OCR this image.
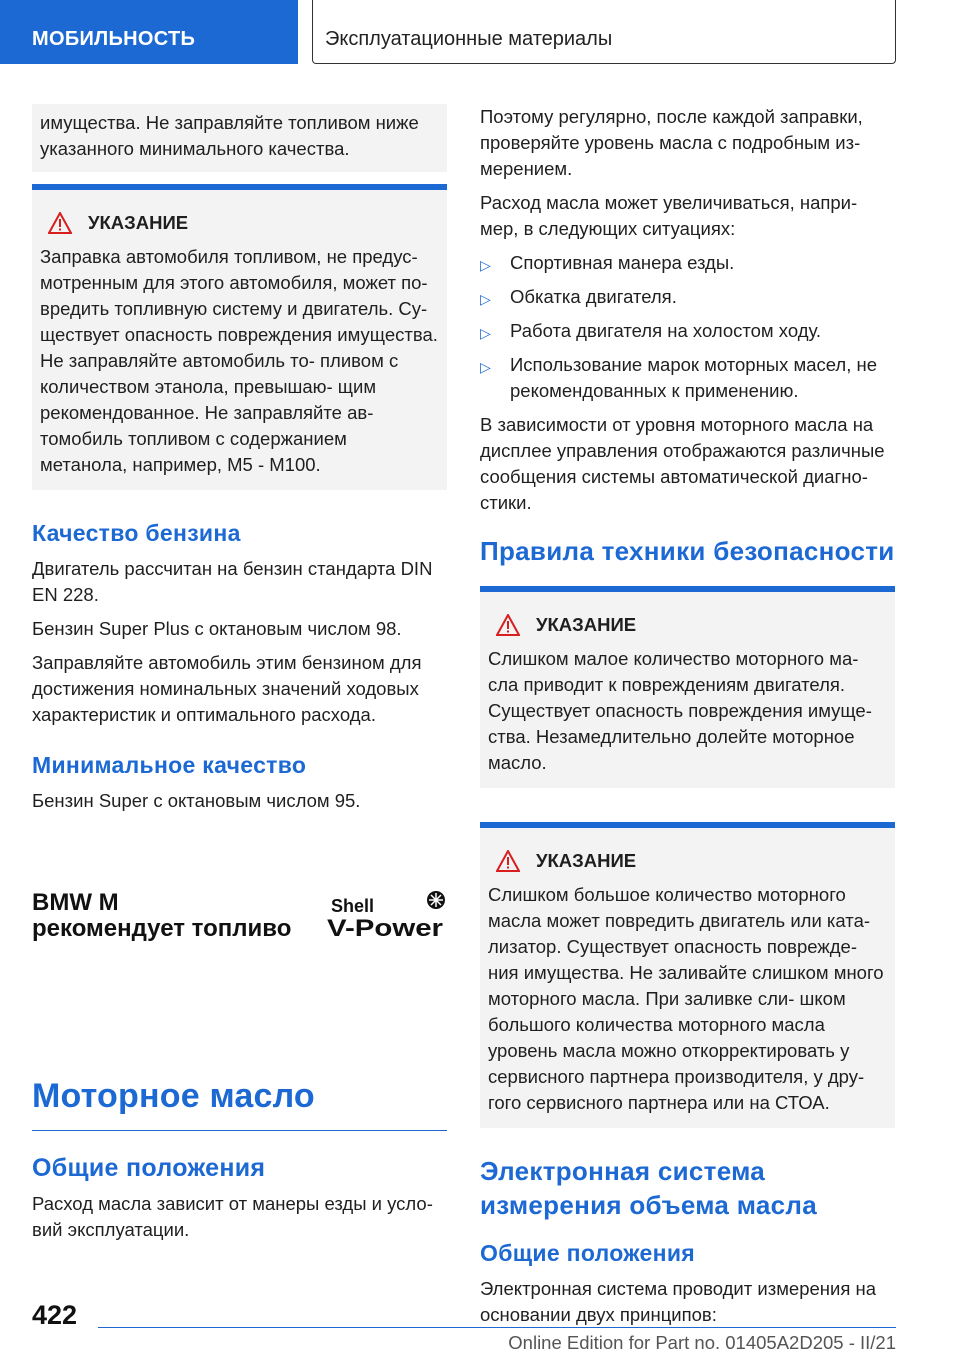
МОБИЛЬНОСТЬ	Эксплуатационные материалы

имущества. Не заправляйте топливом ниже указанного минимального качества.

УКАЗАНИЕ

Заправка автомобиля топливом, не предус- мотренным для этого автомобиля, может по- вредить топливную систему и двигатель. Су- ществует опасность повреждения имущества. Не заправляйте автомобиль то- пливом с количеством этанола, превышаю- щим рекомендованное. Не заправляйте ав- томобиль топливом с содержанием метанола, например, M5 - M100.

Качество бензина

Двигатель рассчитан на бензин стандарта DIN EN 228.

Бензин Super Plus с октановым числом 98.

Заправляйте автомобиль этим бензином для достижения номинальных значений ходовых характеристик и оптимального расхода.

Минимальное качество

Бензин Super с октановым числом 95.

BMW M
рекомендует топливо
Shell
V-Power
Моторное масло
Общие положения

Расход масла зависит от манеры езды и усло- вий эксплуатации.

Поэтому регулярно, после каждой заправки, проверяйте уровень масла с подробным из- мерением.

Расход масла может увеличиваться, напри- мер, в следующих ситуациях:

▷ Спортивная манера езды.
▷ Обкатка двигателя.
▷ Работа двигателя на холостом ходу.
▷ Использование марок моторных масел, не рекомендованных к применению.

В зависимости от уровня моторного масла на дисплее управления отображаются различные сообщения системы автоматической диагно- стики.

Правила техники безопасности
УКАЗАНИЕ

Слишком малое количество моторного ма- сла приводит к повреждениям двигателя. Существует опасность повреждения имуще- ства. Незамедлительно долейте моторное масло.

УКАЗАНИЕ

Слишком большое количество моторного масла может повредить двигатель или ката- лизатор. Существует опасность поврежде- ния имущества. Не заливайте слишком много моторного масла. При заливке сли- шком большого количества моторного масла уровень масла можно откорректировать у сервисного партнера производителя, у дру- гого сервисного партнера или на СТОА.

Электронная система измерения объема масла
Общие положения

Электронная система проводит измерения на основании двух принципов:

422
Online Edition for Part no. 01405A2D205 - II/21
